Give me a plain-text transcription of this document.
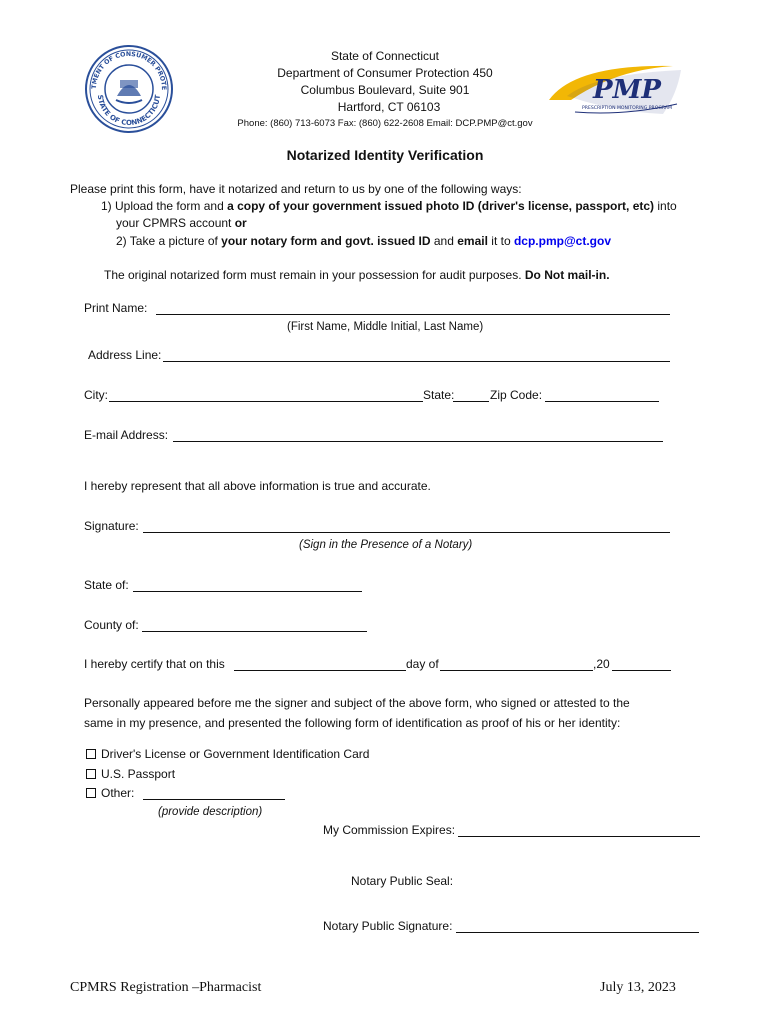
TMENT OF CONSUMER PROTE
STATE OF CONNECTICUT
State of Connecticut
Department of Consumer Protection 450
Columbus Boulevard, Suite 901
Hartford, CT 06103
Phone: (860) 713-6073 Fax: (860) 622-2608 Email: DCP.PMP@ct.gov
PMP
PRESCRIPTION MONITORING PROGRAM
Notarized Identity Verification
Please print this form, have it notarized and return to us by one of the following ways:
1) Upload the form and a copy of your government issued photo ID (driver's license, passport, etc) into
your CPMRS account or
2) Take a picture of your notary form and govt. issued ID and email it to dcp.pmp@ct.gov
The original notarized form must remain in your possession for audit purposes. Do Not mail-in.
Print Name:
(First Name, Middle Initial, Last Name)
Address Line:
City:	State:	Zip Code:
E-mail Address:
I hereby represent that all above information is true and accurate.
Signature:
(Sign in the Presence of a Notary)
State of:
County of:
I hereby certify that on this	day of	,20
Personally appeared before me the signer and subject of the above form, who signed or attested to the
same in my presence, and presented the following form of identification as proof of his or her identity:
Driver's License or Government Identification Card
U.S. Passport
Other:
(provide description)
My Commission Expires:
Notary Public Seal:
Notary Public Signature:
CPMRS Registration –Pharmacist	July 13, 2023
